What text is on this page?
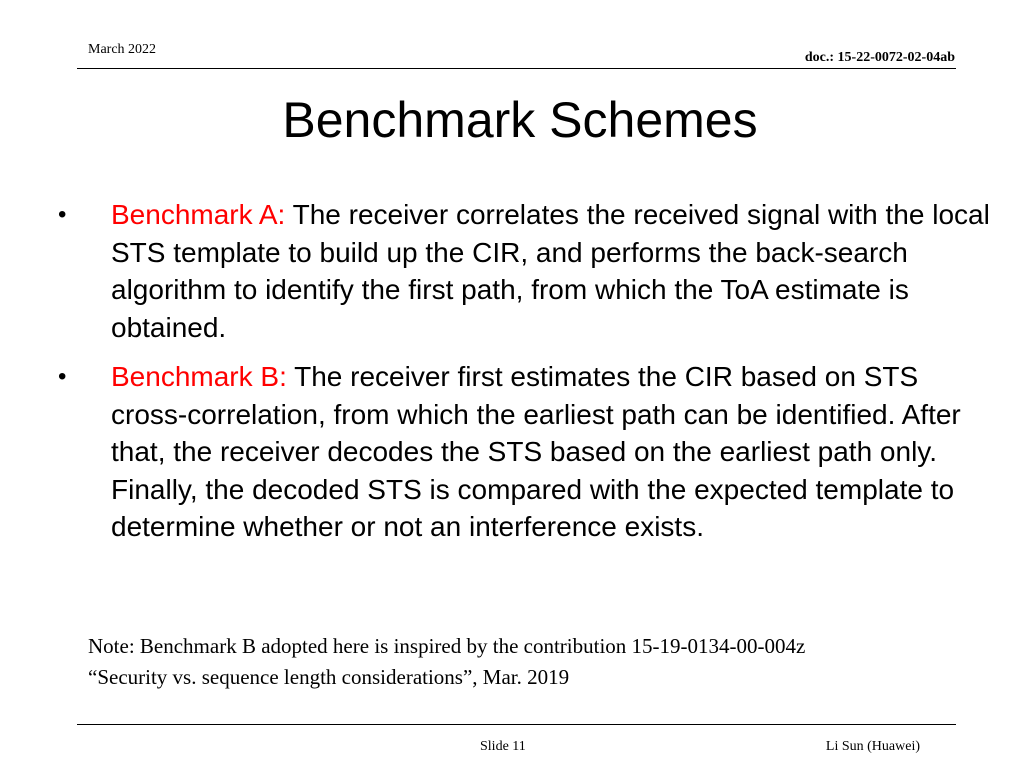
March 2022
doc.: 15-22-0072-02-04ab
Benchmark Schemes
• Benchmark A: The receiver correlates the received signal with the local STS template to build up the CIR, and performs the back-search algorithm to identify the first path, from which the ToA estimate is obtained.
• Benchmark B: The receiver first estimates the CIR based on STS cross-correlation, from which the earliest path can be identified. After that, the receiver decodes the STS based on the earliest path only. Finally, the decoded STS is compared with the expected template to determine whether or not an interference exists.
Note: Benchmark B adopted here is inspired by the contribution 15-19-0134-00-004z
“Security vs. sequence length considerations”, Mar. 2019
Slide 11	Li Sun (Huawei)
